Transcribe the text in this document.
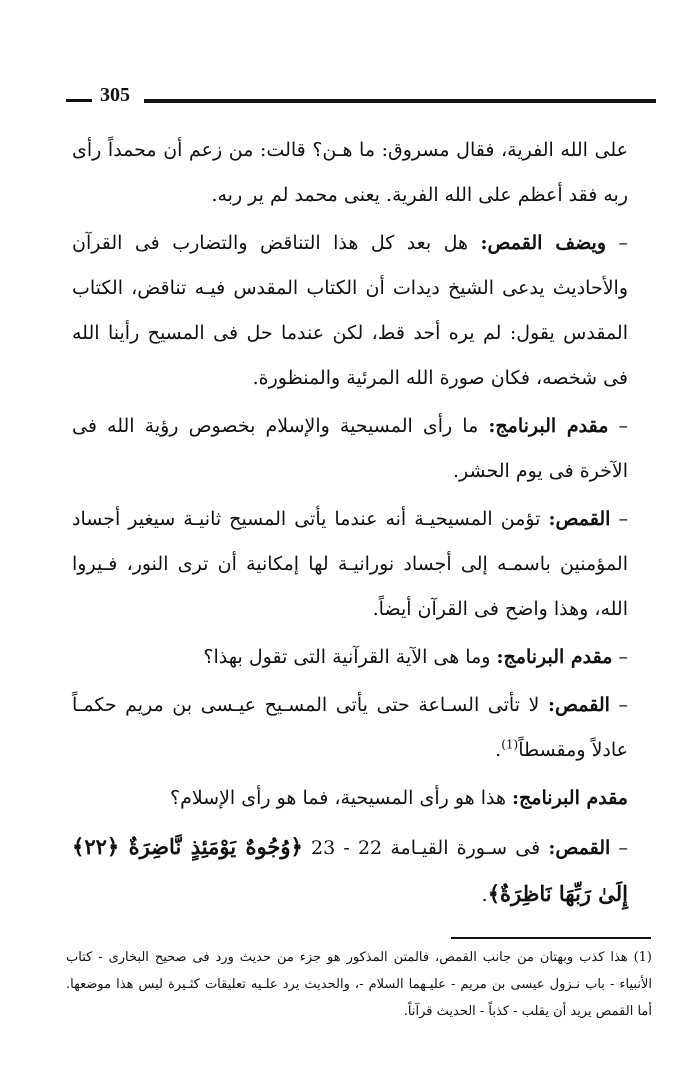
305

على الله الفرية، فقال مسروق: ما هـن؟ قالت: من زعم أن محمداً رأى ربه فقد أعظم على الله الفرية. يعنى محمد لم ير ربه.

– ويضف القمص: هل بعد كل هذا التناقض والتضارب فى القرآن والأحاديث يدعى الشيخ ديدات أن الكتاب المقدس فيـه تناقض، الكتاب المقدس يقول: لم يره أحد قط، لكن عندما حل فى المسيح رأينا الله فى شخصه، فكان صورة الله المرئية والمنظورة.

– مقدم البرنامج: ما رأى المسيحية والإسلام بخصوص رؤية الله فى الآخرة فى يوم الحشر.

– القمص: تؤمن المسيحيـة أنه عندما يأتى المسيح ثانيـة سيغير أجساد المؤمنين باسمـه إلى أجساد نورانيـة لها إمكانية أن ترى النور، فـيروا الله، وهذا واضح فى القرآن أيضاً.

– مقدم البرنامج: وما هى الآية القرآنية التى تقول بهذا؟

– القمص: لا تأتى السـاعة حتى يأتى المسـيح عيـسى بن مريم حكمـاً عادلاً ومقسطاً$^{(1)}$.

مقدم البرنامج: هذا هو رأى المسيحية، فما هو رأى الإسلام؟

– القمص: فى سـورة القيـامة 22 - 23 ﴿وُجُوهٌ يَوْمَئِذٍ نَّاضِرَةٌ ﴿٢٢﴾ إِلَىٰ رَبِّهَا نَاظِرَةٌ﴾.

(1) هذا كذب وبهتان من جانب القمص، فالمتن المذكور هو جزء من حديث ورد فى صحيح البخارى - كتاب الأنبياء - باب نـزول عيسى بن مريم - عليـهما السلام -، والحديث يرد علـيه تعليقات كثـيرة ليس هذا موضعها. أما القمص يريد أن يقلب - كذباً - الحديث قرآناً.
